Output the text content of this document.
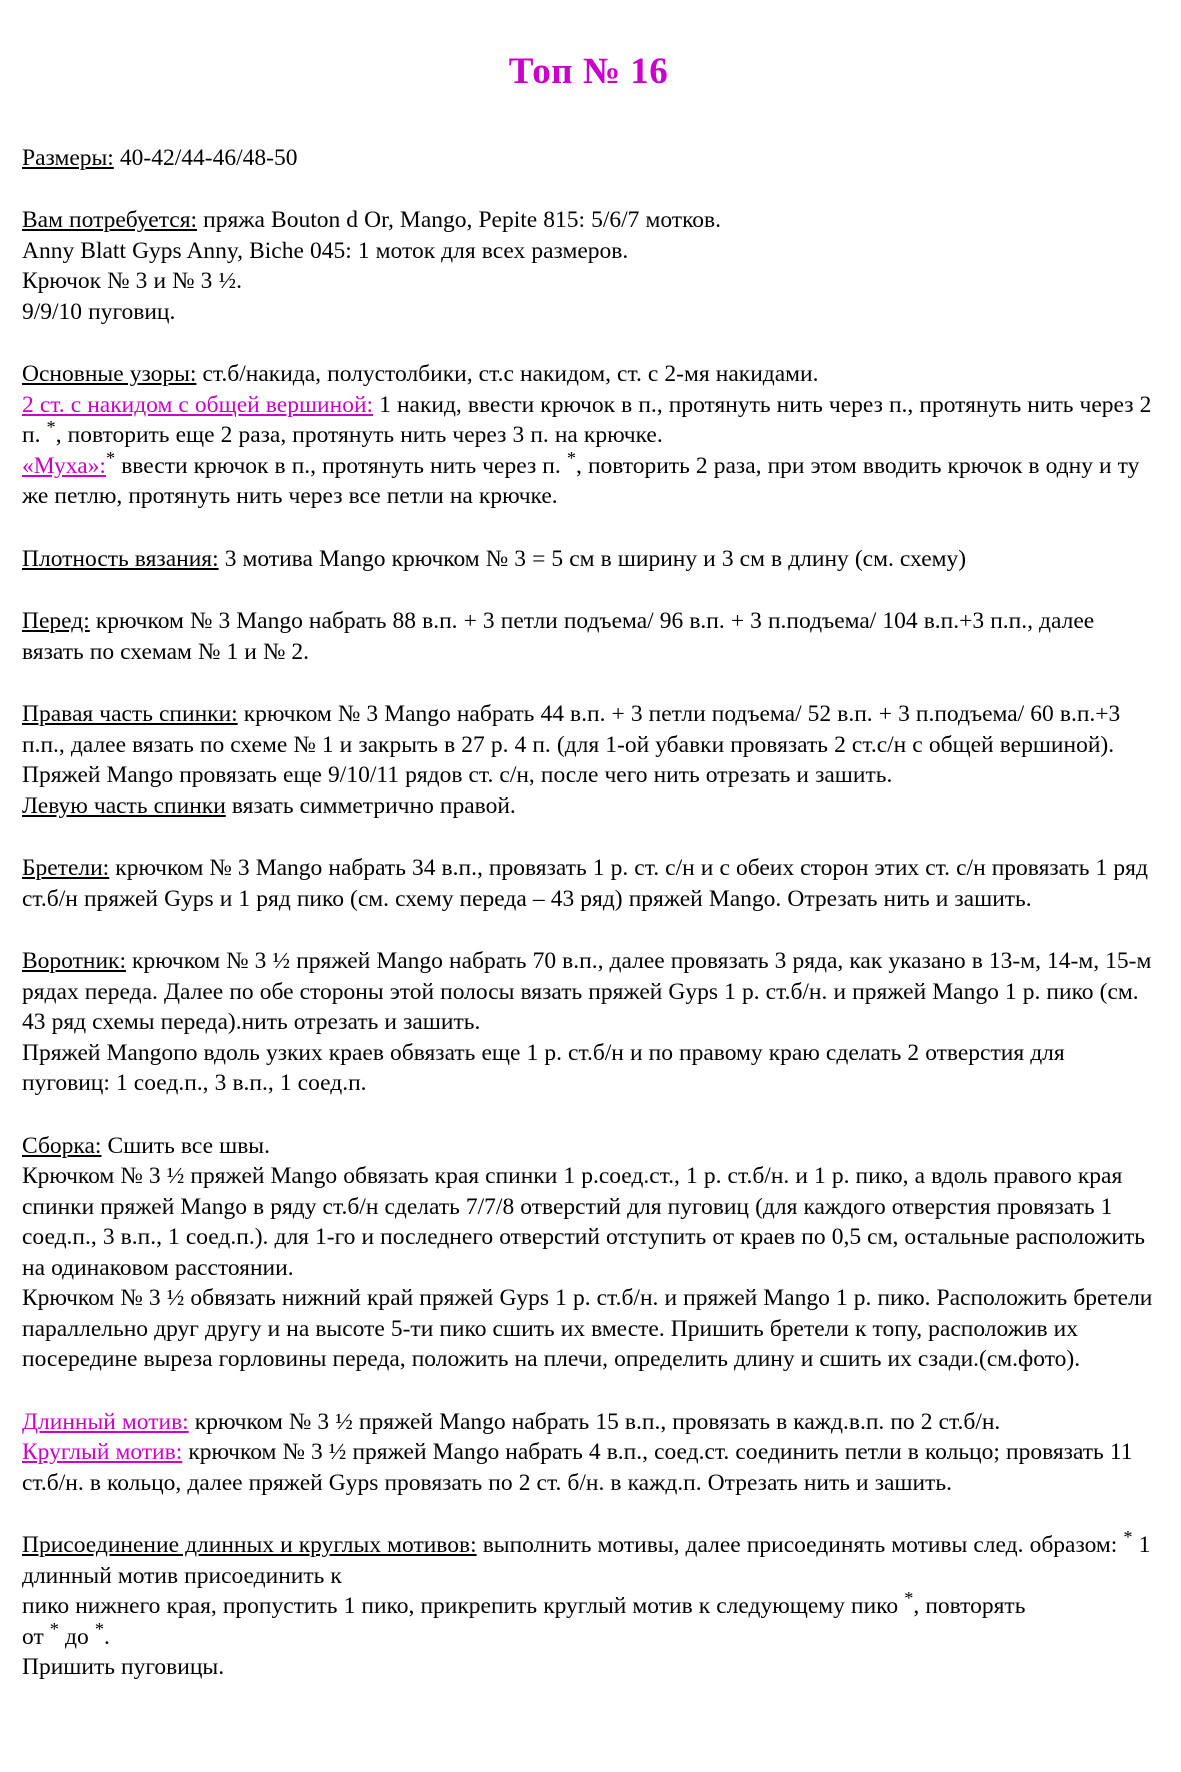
Топ № 16

Размеры: 40-42/44-46/48-50

Вам потребуется: пряжа Bouton d Or, Mango, Pepite 815: 5/6/7 мотков.

Anny Blatt Gyps Anny, Biche 045: 1 моток для всех размеров.

Крючок № 3 и № 3 ½.

9/9/10 пуговиц.

Основные узоры: ст.б/накида, полустолбики, ст.с накидом, ст. с 2-мя накидами.

2 ст. с накидом с общей вершиной: 1 накид, ввести крючок в п., протянуть нить через п., протянуть нить через 2 п. *, повторить еще 2 раза, протянуть нить через 3 п. на крючке.

«Муха»:* ввести крючок в п., протянуть нить через п. *, повторить 2 раза, при этом вводить крючок в одну и ту же петлю, протянуть нить через все петли на крючке.

Плотность вязания: 3 мотива Mango крючком № 3 = 5 см в ширину и 3 см в длину (см. схему)

Перед: крючком № 3 Mango набрать 88 в.п. + 3 петли подъема/ 96 в.п. + 3 п.подъема/ 104 в.п.+3 п.п., далее вязать по схемам № 1 и № 2.

Правая часть спинки: крючком № 3 Mango набрать 44 в.п. + 3 петли подъема/ 52 в.п. + 3 п.подъема/ 60 в.п.+3 п.п., далее вязать по схеме № 1 и закрыть в 27 р. 4 п. (для 1-ой убавки провязать 2 ст.с/н с общей вершиной). Пряжей Mango провязать еще 9/10/11 рядов ст. с/н, после чего нить отрезать и зашить.

Левую часть спинки вязать симметрично правой.

Бретели: крючком № 3 Mango набрать 34 в.п., провязать 1 р. ст. с/н и с обеих сторон этих ст. с/н провязать 1 ряд ст.б/н пряжей Gyps и 1 ряд пико (см. схему переда – 43 ряд) пряжей Mango. Отрезать нить и зашить.

Воротник: крючком № 3 ½ пряжей Mango набрать 70 в.п., далее провязать 3 ряда, как указано в 13-м, 14-м, 15-м рядах переда. Далее по обе стороны этой полосы вязать пряжей Gyps 1 р. ст.б/н. и пряжей Mango 1 р. пико (см. 43 ряд схемы переда).нить отрезать и зашить.

Пряжей Mangoпо вдоль узких краев обвязать еще 1 р. ст.б/н и по правому краю сделать 2 отверстия для пуговиц: 1 соед.п., 3 в.п., 1 соед.п.

Сборка: Сшить все швы.

Крючком № 3 ½ пряжей Mango обвязать края спинки 1 р.соед.ст., 1 р. ст.б/н. и 1 р. пико, а вдоль правого края спинки пряжей Mango в ряду ст.б/н сделать 7/7/8 отверстий для пуговиц (для каждого отверстия провязать 1 соед.п., 3 в.п., 1 соед.п.). для 1-го и последнего отверстий отступить от краев по 0,5 см, остальные расположить на одинаковом расстоянии.

Крючком № 3 ½ обвязать нижний край пряжей Gyps 1 р. ст.б/н. и пряжей Mango 1 р. пико. Расположить бретели параллельно друг другу и на высоте 5-ти пико сшить их вместе. Пришить бретели к топу, расположив их посередине выреза горловины переда, положить на плечи, определить длину и сшить их сзади.(см.фото).

Длинный мотив: крючком № 3 ½ пряжей Mango набрать 15 в.п., провязать в кажд.в.п. по 2 ст.б/н.

Круглый мотив: крючком № 3 ½ пряжей Mango набрать 4 в.п., соед.ст. соединить петли в кольцо; провязать 11 ст.б/н. в кольцо, далее пряжей Gyps провязать по 2 ст. б/н. в кажд.п. Отрезать нить и зашить.

Присоединение длинных и круглых мотивов: выполнить мотивы, далее присоединять мотивы след. образом: * 1 длинный мотив присоединить к

пико нижнего края, пропустить 1 пико, прикрепить круглый мотив к следующему пико *, повторять

от * до *.

Пришить пуговицы.
